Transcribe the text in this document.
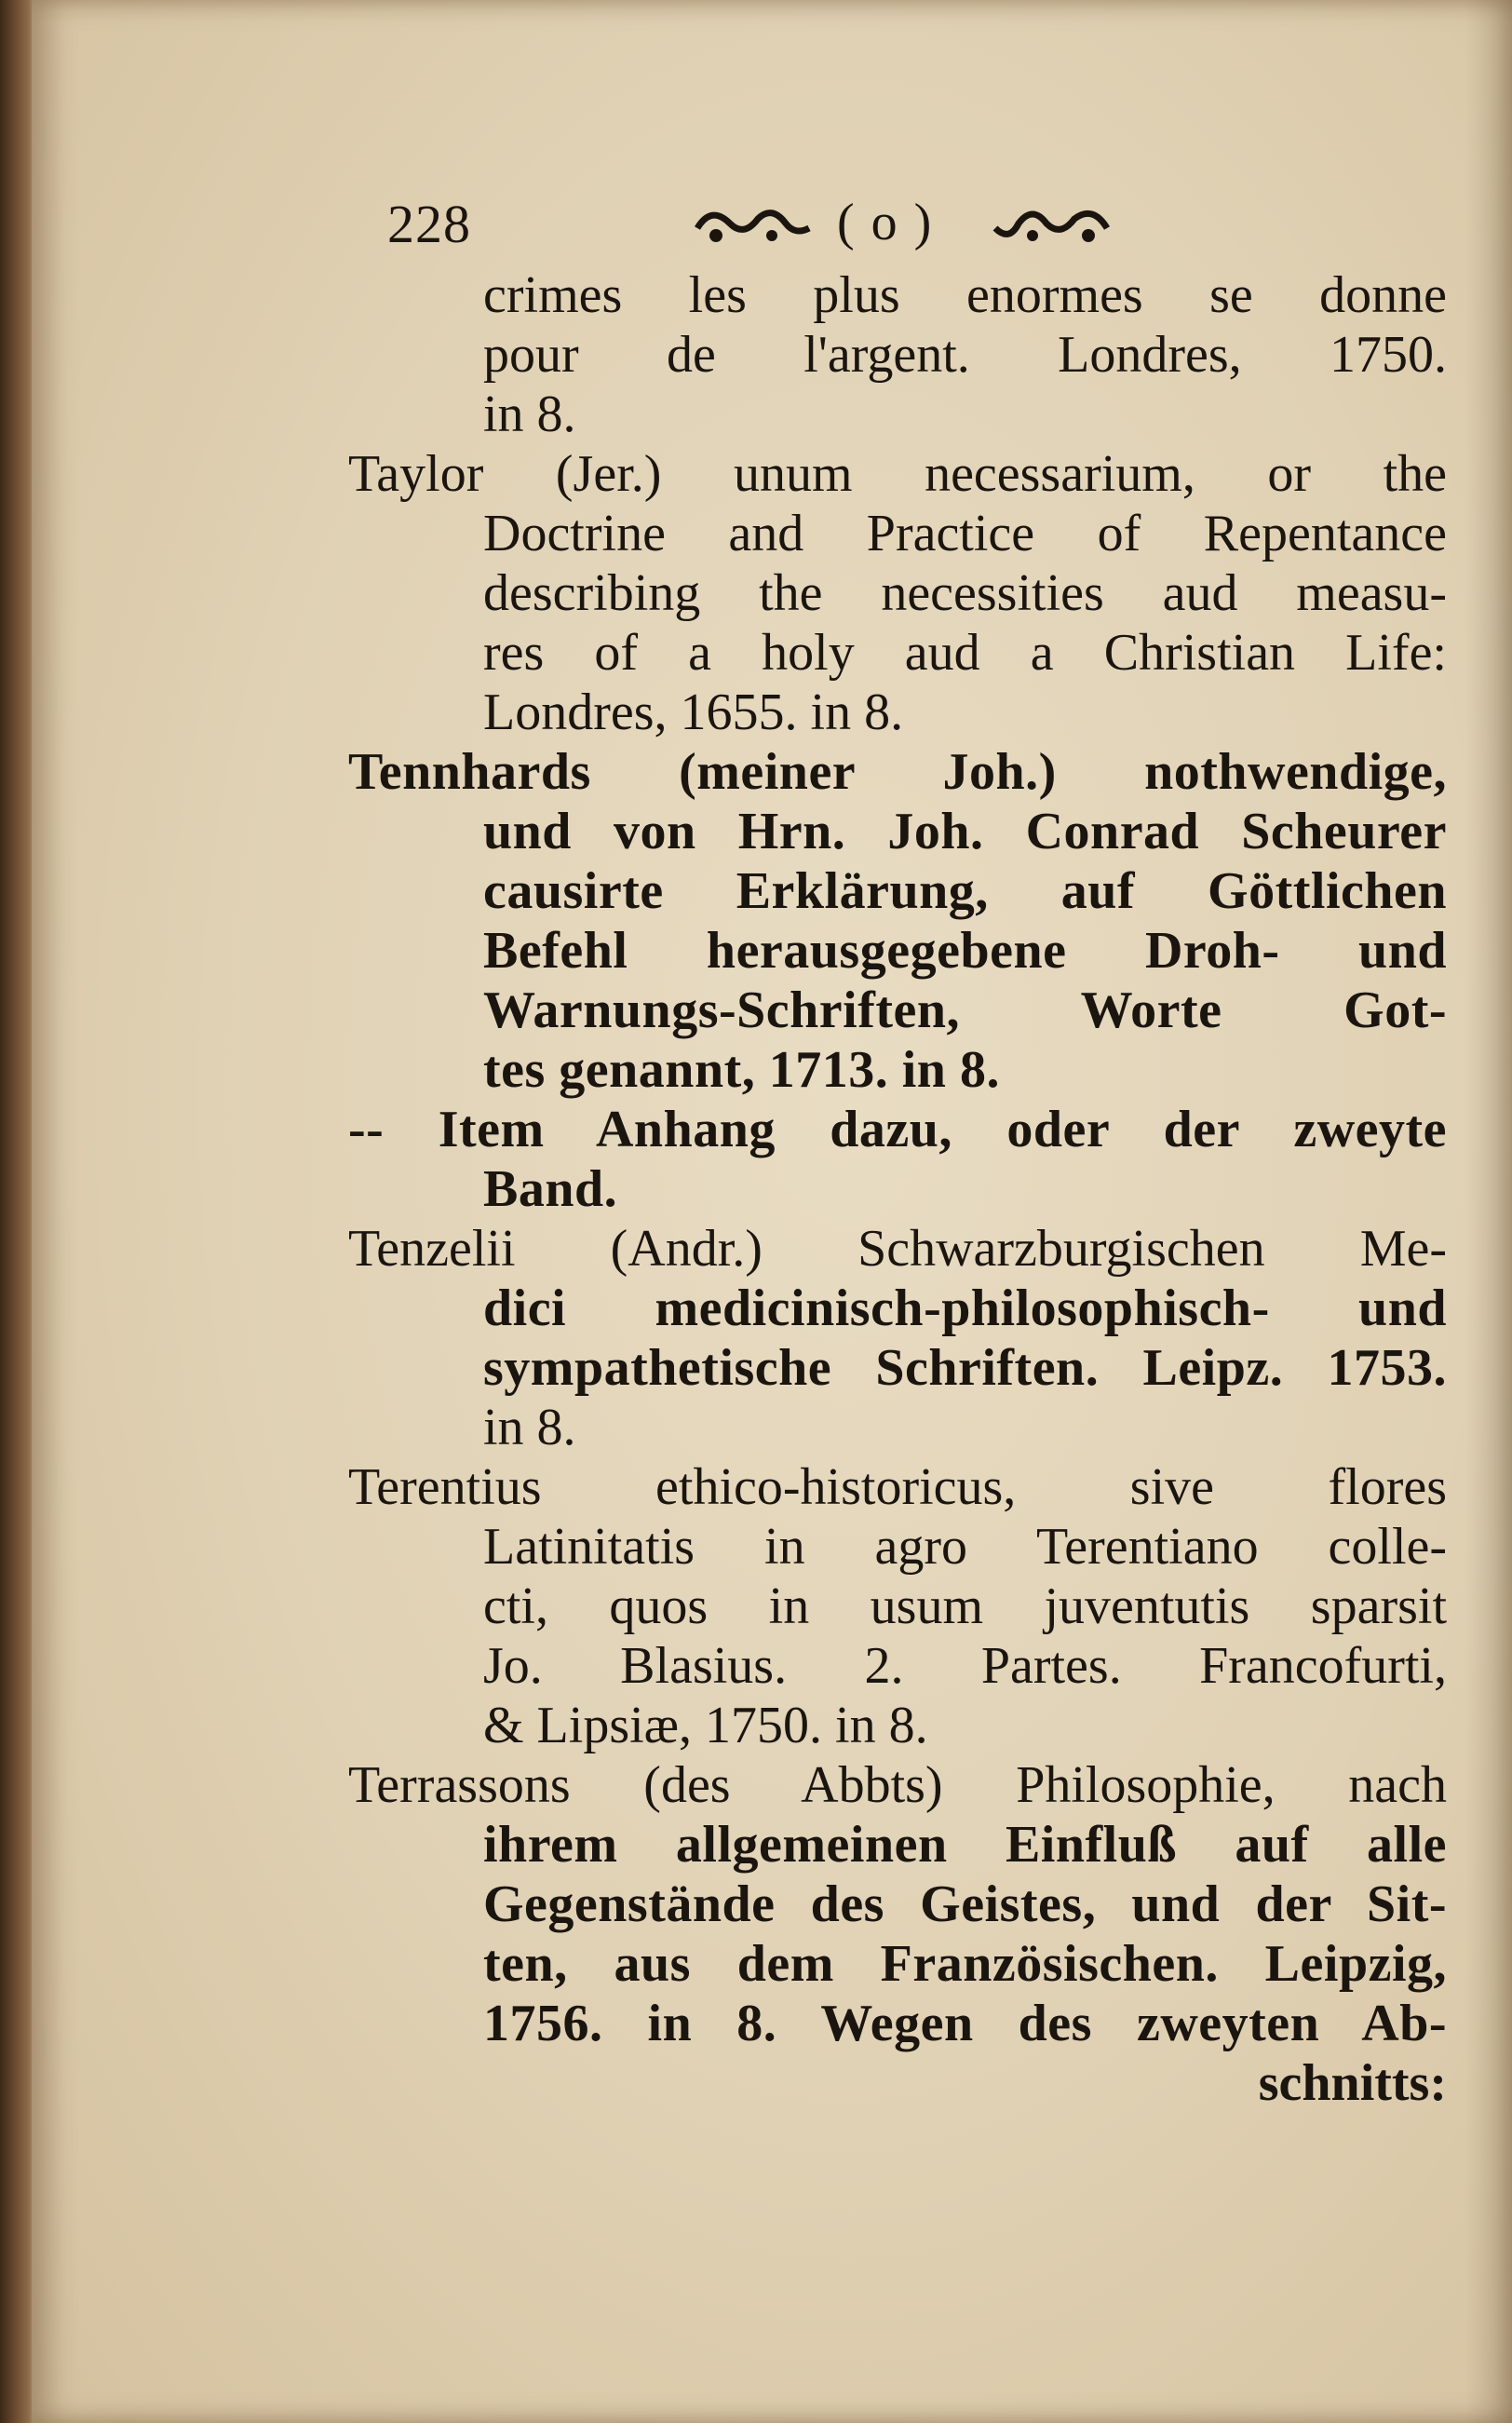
228	(o)
crimes les plus enormes se donne
pour de l'argent. Londres, 1750.
in 8.
Taylor (Jer.) unum necessarium, or the
Doctrine and Practice of Repentance
describing the necessities aud measu-
res of a holy aud a Christian Life:
Londres, 1655. in 8.
Tennhards (meiner Joh.) nothwendige,
und von Hrn. Joh. Conrad Scheurer
causirte Erklärung, auf Göttlichen
Befehl herausgegebene Droh- und
Warnungs-Schriften, Worte Got-
tes genannt, 1713. in 8.
-- Item Anhang dazu, oder der zweyte
Band.
Tenzelii (Andr.) Schwarzburgischen Me-
dici medicinisch-philosophisch- und
sympathetische Schriften. Leipz. 1753.
in 8.
Terentius ethico-historicus, sive flores
Latinitatis in agro Terentiano colle-
cti, quos in usum juventutis sparsit
Jo. Blasius. 2. Partes. Francofurti,
& Lipsiæ, 1750. in 8.
Terrassons (des Abbts) Philosophie, nach
ihrem allgemeinen Einfluß auf alle
Gegenstände des Geistes, und der Sit-
ten, aus dem Französischen. Leipzig,
1756. in 8. Wegen des zweyten Ab-
schnitts:
